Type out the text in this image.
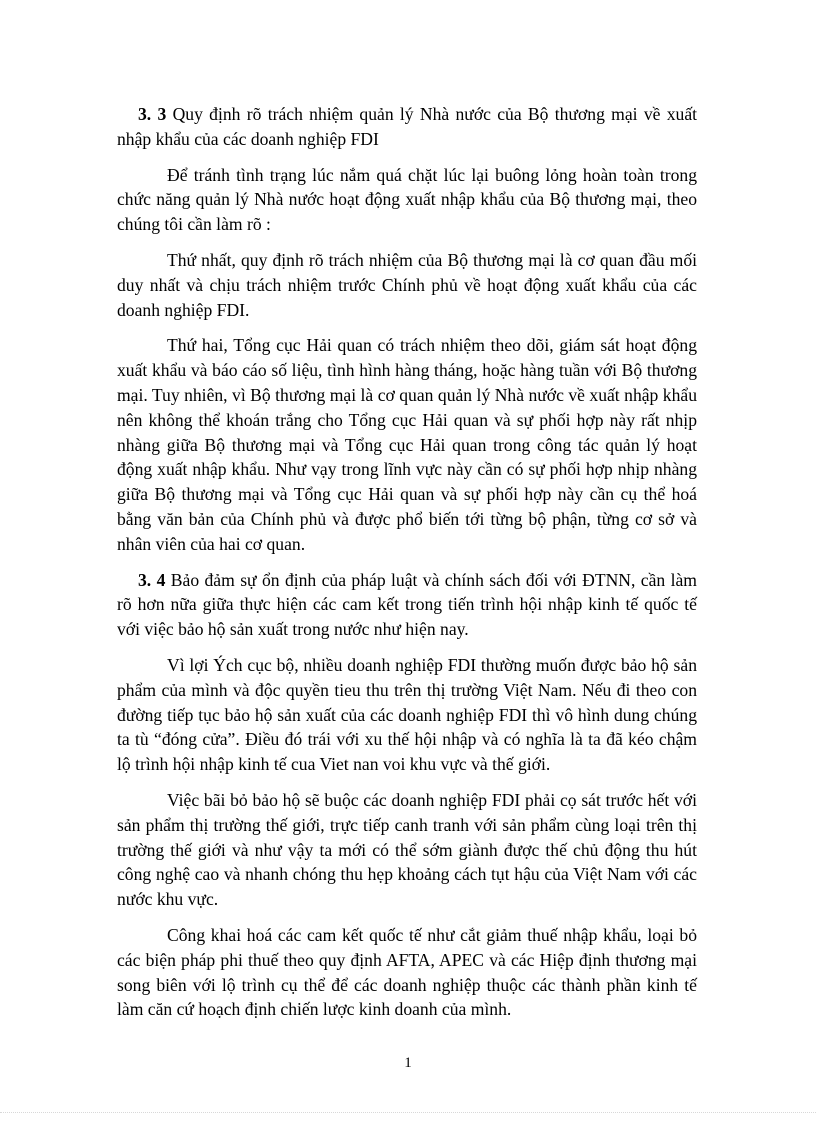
3. 3 Quy định rõ trách nhiệm quản lý Nhà nước của Bộ thương mại về xuất nhập khẩu của các doanh nghiệp FDI

Để tránh tình trạng lúc nắm quá chặt lúc lại buông lỏng hoàn toàn trong chức năng quản lý Nhà nước hoạt động xuất nhập khẩu của Bộ thương mại, theo chúng tôi cần làm rõ :

Thứ nhất, quy định rõ trách nhiệm của Bộ thương mại là cơ quan đầu mối duy nhất và chịu trách nhiệm trước Chính phủ về hoạt động xuất khẩu của các doanh nghiệp FDI.

Thứ hai, Tổng cục Hải quan có trách nhiệm theo dõi, giám sát hoạt động xuất khẩu và báo cáo số liệu, tình hình hàng tháng, hoặc hàng tuần với Bộ thương mại. Tuy nhiên, vì Bộ thương mại là cơ quan quản lý Nhà nước về xuất nhập khẩu nên không thể khoán trắng cho Tổng cục Hải quan và sự phối hợp này rất nhịp nhàng giữa Bộ thương mại và Tổng cục Hải quan trong công tác quản lý hoạt động xuất nhập khẩu. Như vạy trong lĩnh vực này cần có sự phối hợp nhịp nhàng giữa Bộ thương mại và Tổng cục Hải quan và sự phối hợp này cần cụ thể hoá bằng văn bản của Chính phủ và được phổ biến tới từng bộ phận, từng cơ sở và nhân viên của hai cơ quan.

3. 4 Bảo đảm sự ổn định của pháp luật và chính sách đối với ĐTNN, cần làm rõ hơn nữa giữa thực hiện các cam kết trong tiến trình hội nhập kinh tế quốc tế với việc bảo hộ sản xuất trong nước như hiện nay.

Vì lợi Ých cục bộ, nhiều doanh nghiệp FDI thường muốn được bảo hộ sản phẩm của mình và độc quyền tieu thu trên thị trường Việt Nam. Nếu đi theo con đường tiếp tục bảo hộ sản xuất của các doanh nghiệp FDI thì vô hình dung chúng ta tù “đóng cửa”. Điều đó trái với xu thế hội nhập và có nghĩa là ta đã kéo chậm lộ trình hội nhập kinh tế cua Viet nan voi khu vực và thế giới.

Việc bãi bỏ bảo hộ sẽ buộc các doanh nghiệp FDI phải cọ sát trước hết với sản phẩm thị trường thế giới, trực tiếp canh tranh với sản phẩm cùng loại trên thị trường thế giới và như vậy ta mới có thể sớm giành được thế chủ động thu hút công nghệ cao và nhanh chóng thu hẹp khoảng cách tụt hậu của Việt Nam với các nước khu vực.

Công khai hoá các cam kết quốc tế như cắt giảm thuế nhập khẩu, loại bỏ các biện pháp phi thuế theo quy định AFTA, APEC và các Hiệp định thương mại song biên với lộ trình cụ thể để các doanh nghiệp thuộc các thành phần kinh tế làm căn cứ hoạch định chiến lược kinh doanh của mình.

1
